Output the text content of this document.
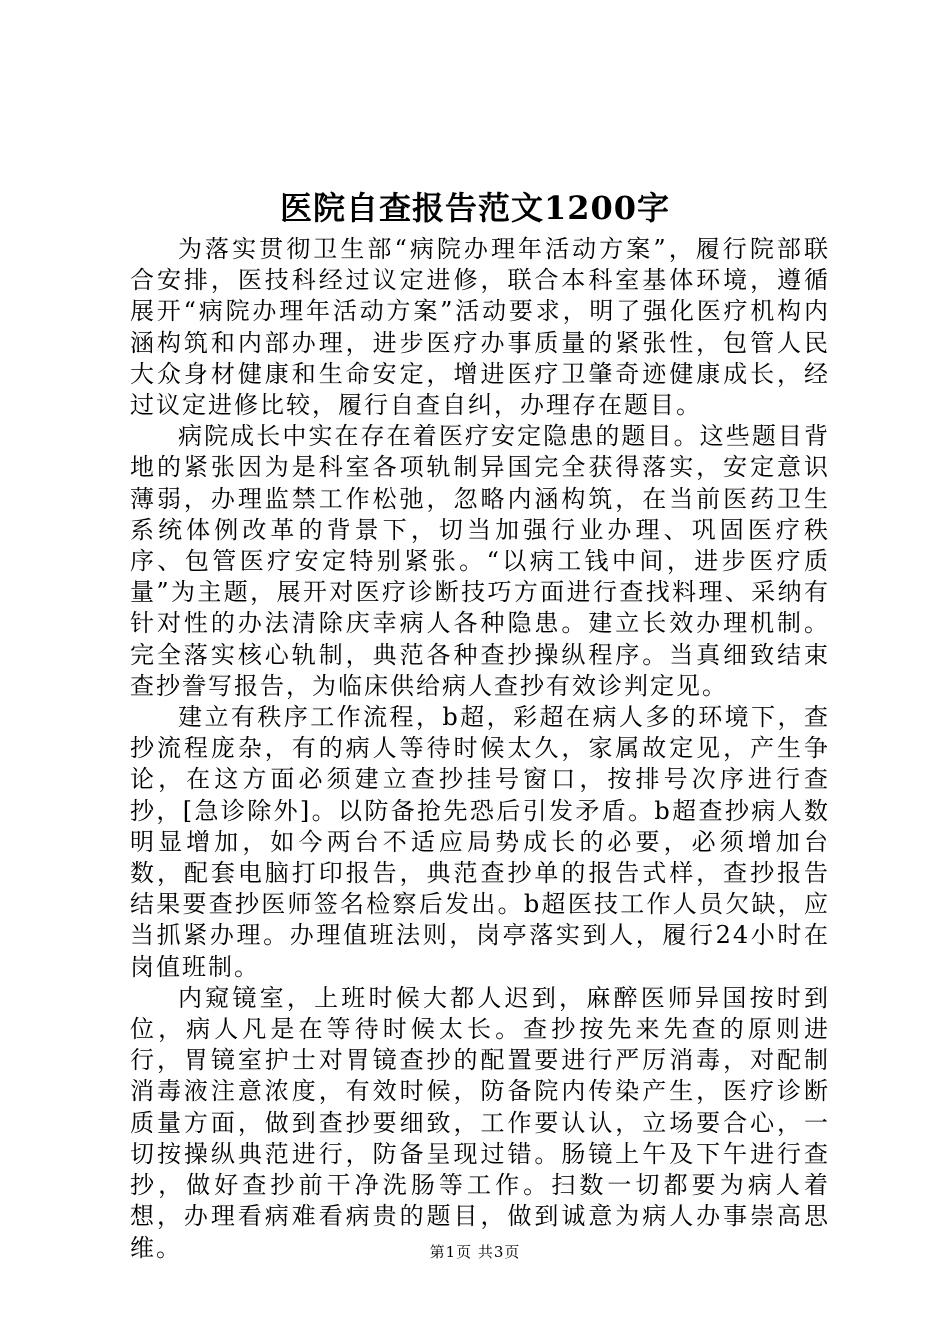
医院自查报告范文1200字

为落实贯彻卫生部“病院办理年活动方案”，履行院部联合安排，医技科经过议定进修，联合本科室基体环境，遵循展开“病院办理年活动方案”活动要求，明了强化医疗机构内涵构筑和内部办理，进步医疗办事质量的紧张性，包管人民大众身材健康和生命安定，增进医疗卫肇奇迹健康成长，经过议定进修比较，履行自查自纠，办理存在题目。

病院成长中实在存在着医疗安定隐患的题目。这些题目背地的紧张因为是科室各项轨制异国完全获得落实，安定意识薄弱，办理监禁工作松弛，忽略内涵构筑，在当前医药卫生系统体例改革的背景下，切当加强行业办理、巩固医疗秩序、包管医疗安定特别紧张。“以病工钱中间，进步医疗质量”为主题，展开对医疗诊断技巧方面进行查找料理、采纳有针对性的办法清除庆幸病人各种隐患。建立长效办理机制。完全落实核心轨制，典范各种查抄操纵程序。当真细致结束查抄誊写报告，为临床供给病人查抄有效诊判定见。

建立有秩序工作流程，b超，彩超在病人多的环境下，查抄流程庞杂，有的病人等待时候太久，家属故定见，产生争论，在这方面必须建立查抄挂号窗口，按排号次序进行查抄，[急诊除外]。以防备抢先恐后引发矛盾。b超查抄病人数明显增加，如今两台不适应局势成长的必要，必须增加台数，配套电脑打印报告，典范查抄单的报告式样，查抄报告结果要查抄医师签名检察后发出。b超医技工作人员欠缺，应当抓紧办理。办理值班法则，岗亭落实到人，履行24小时在岗值班制。

内窥镜室，上班时候大都人迟到，麻醉医师异国按时到位，病人凡是在等待时候太长。查抄按先来先查的原则进行，胃镜室护士对胃镜查抄的配置要进行严厉消毒，对配制消毒液注意浓度，有效时候，防备院内传染产生，医疗诊断质量方面，做到查抄要细致，工作要认认，立场要合心，一切按操纵典范进行，防备呈现过错。肠镜上午及下午进行查抄，做好查抄前干净洗肠等工作。扫数一切都要为病人着想，办理看病难看病贵的题目，做到诚意为病人办事崇高思维。	第1页 共3页
